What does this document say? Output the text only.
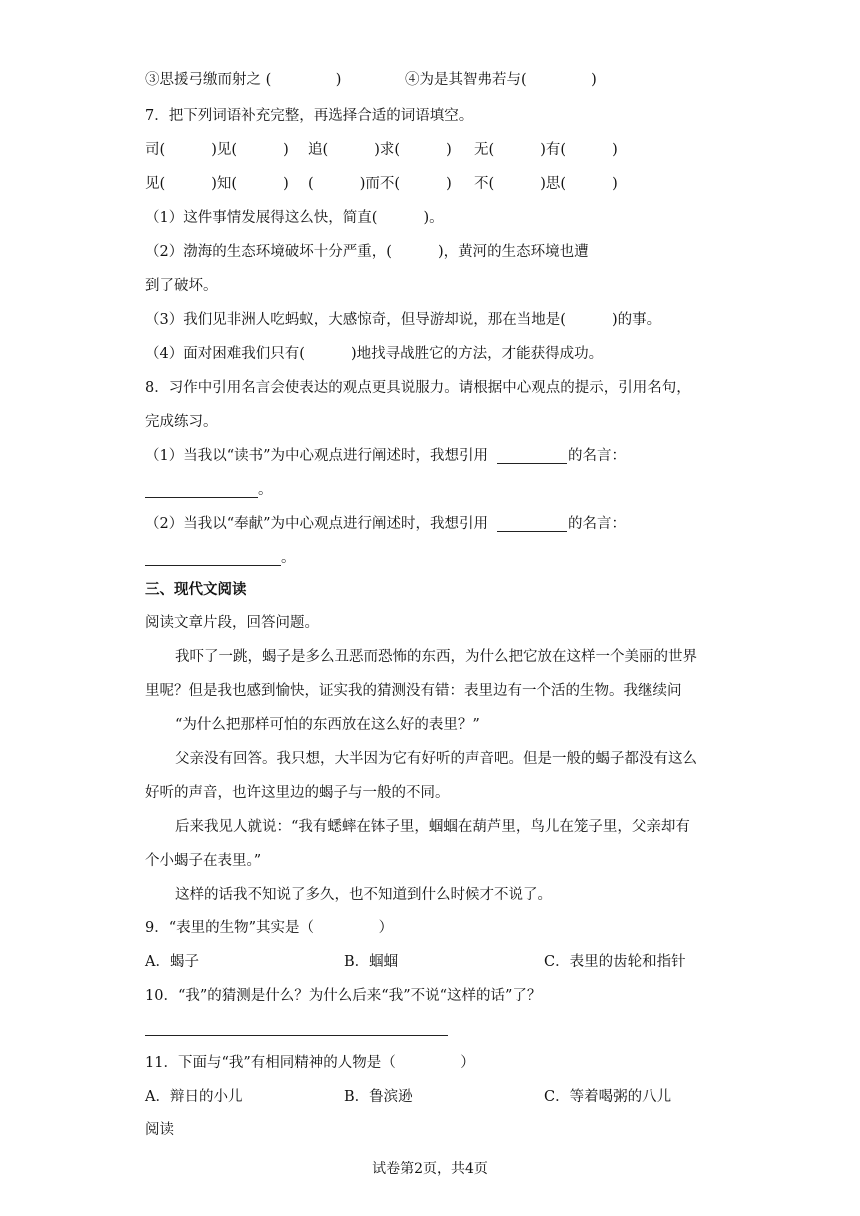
③思援弓缴而射之 (              )	④为是其智弗若与(              )
7．把下列词语补充完整，再选择合适的词语填空。
司(          )见(          ) 追(          )求(          ) 无(          )有(          )
见(          )知(          ) (          )而不(          ) 不(          )思(          )
（1）这件事情发展得这么快，简直(          )。
（2）渤海的生态环境破坏十分严重，(          )，黄河的生态环境也遭
到了破坏。
（3）我们见非洲人吃蚂蚁，大感惊奇，但导游却说，那在当地是(          )的事。
（4）面对困难我们只有(          )地找寻战胜它的方法，才能获得成功。
8．习作中引用名言会使表达的观点更具说服力。请根据中心观点的提示，引用名句，
完成练习。
（1）当我以“读书”为中心观点进行阐述时，我想引用	的名言：
。
（2）当我以“奉献”为中心观点进行阐述时，我想引用	的名言：
。
三、现代文阅读
阅读文章片段，回答问题。
我吓了一跳，蝎子是多么丑恶而恐怖的东西，为什么把它放在这样一个美丽的世界
里呢？但是我也感到愉快，证实我的猜测没有错：表里边有一个活的生物。我继续问
“为什么把那样可怕的东西放在这么好的表里？”
父亲没有回答。我只想，大半因为它有好听的声音吧。但是一般的蝎子都没有这么
好听的声音，也许这里边的蝎子与一般的不同。
后来我见人就说：“我有蟋蟀在钵子里，蝈蝈在葫芦里，鸟儿在笼子里，父亲却有
个小蝎子在表里。”
这样的话我不知说了多久，也不知道到什么时候才不说了。
9．“表里的生物”其实是（              ）
A．蝎子	B．蝈蝈	C．表里的齿轮和指针
10．“我”的猜测是什么？为什么后来“我”不说“这样的话”了？
11．下面与“我”有相同精神的人物是（              ）
A．辩日的小儿	B．鲁滨逊	C．等着喝粥的八儿
阅读
试卷第2页，共4页
